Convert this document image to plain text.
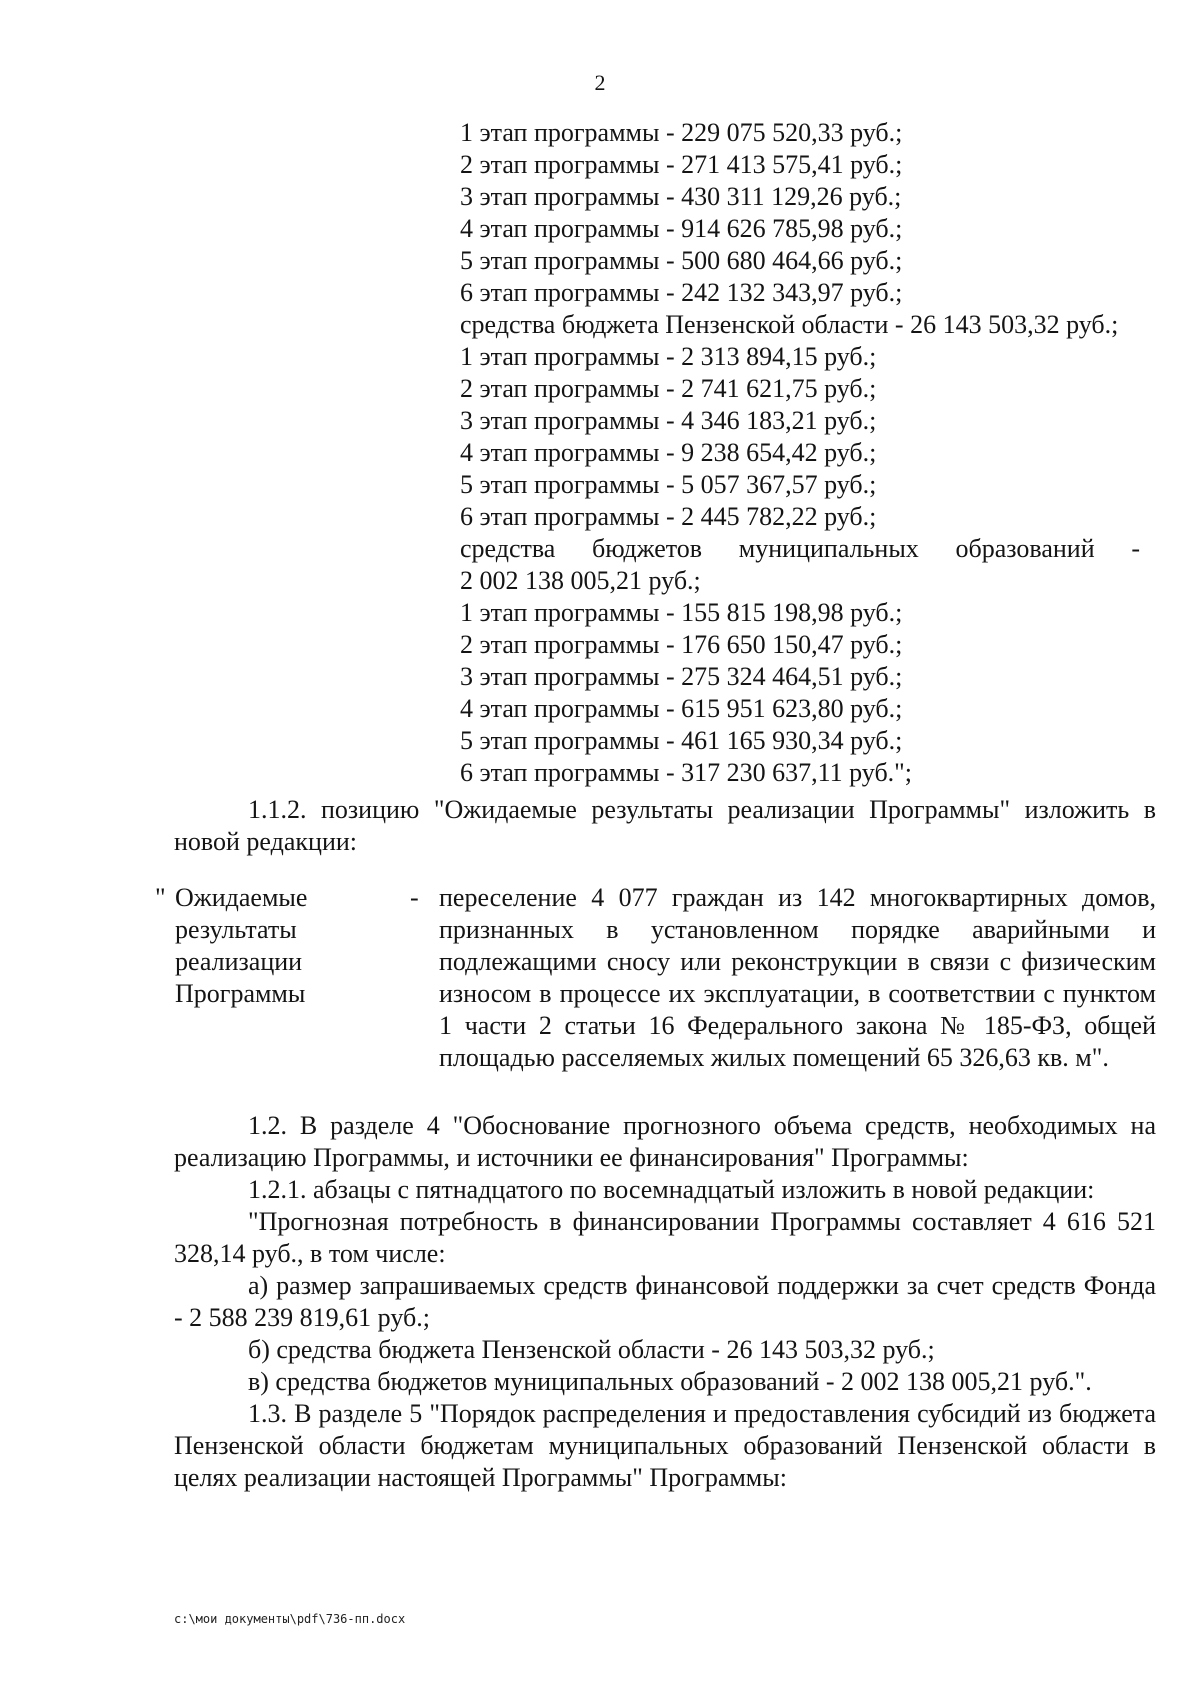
2
1 этап программы - 229 075 520,33 руб.;
2 этап программы - 271 413 575,41 руб.;
3 этап программы - 430 311 129,26 руб.;
4 этап программы - 914 626 785,98 руб.;
5 этап программы - 500 680 464,66 руб.;
6 этап программы - 242 132 343,97 руб.;
средства бюджета Пензенской области - 26 143 503,32 руб.;
1 этап программы - 2 313 894,15 руб.;
2 этап программы - 2 741 621,75 руб.;
3 этап программы - 4 346 183,21 руб.;
4 этап программы - 9 238 654,42 руб.;
5 этап программы - 5 057 367,57 руб.;
6 этап программы - 2 445 782,22 руб.;
средства бюджетов муниципальных образований -
2 002 138 005,21 руб.;
1 этап программы - 155 815 198,98 руб.;
2 этап программы - 176 650 150,47 руб.;
3 этап программы - 275 324 464,51 руб.;
4 этап программы - 615 951 623,80 руб.;
5 этап программы - 461 165 930,34 руб.;
6 этап программы - 317 230 637,11 руб.";
1.1.2. позицию "Ожидаемые результаты реализации Программы" изложить в новой редакции:
" Ожидаемые
результаты
реализации
Программы
- переселение 4 077 граждан из 142 многоквартирных домов, признанных в установленном порядке аварийными и подлежащими сносу или реконструкции в связи с физическим износом в процессе их эксплуатации, в соответствии с пунктом 1 части 2 статьи 16 Федерального закона № 185-ФЗ, общей площадью расселяемых жилых помещений 65 326,63 кв. м".
1.2. В разделе 4 "Обоснование прогнозного объема средств, необходимых на реализацию Программы, и источники ее финансирования" Программы:
1.2.1. абзацы с пятнадцатого по восемнадцатый изложить в новой редакции:
"Прогнозная потребность в финансировании Программы составляет 4 616 521 328,14 руб., в том числе:
а) размер запрашиваемых средств финансовой поддержки за счет средств Фонда - 2 588 239 819,61 руб.;
б) средства бюджета Пензенской области - 26 143 503,32 руб.;
в) средства бюджетов муниципальных образований - 2 002 138 005,21 руб.".
1.3. В разделе 5 "Порядок распределения и предоставления субсидий из бюджета Пензенской области бюджетам муниципальных образований Пензенской области в целях реализации настоящей Программы" Программы:
c:\мои документы\pdf\736-пп.docx
